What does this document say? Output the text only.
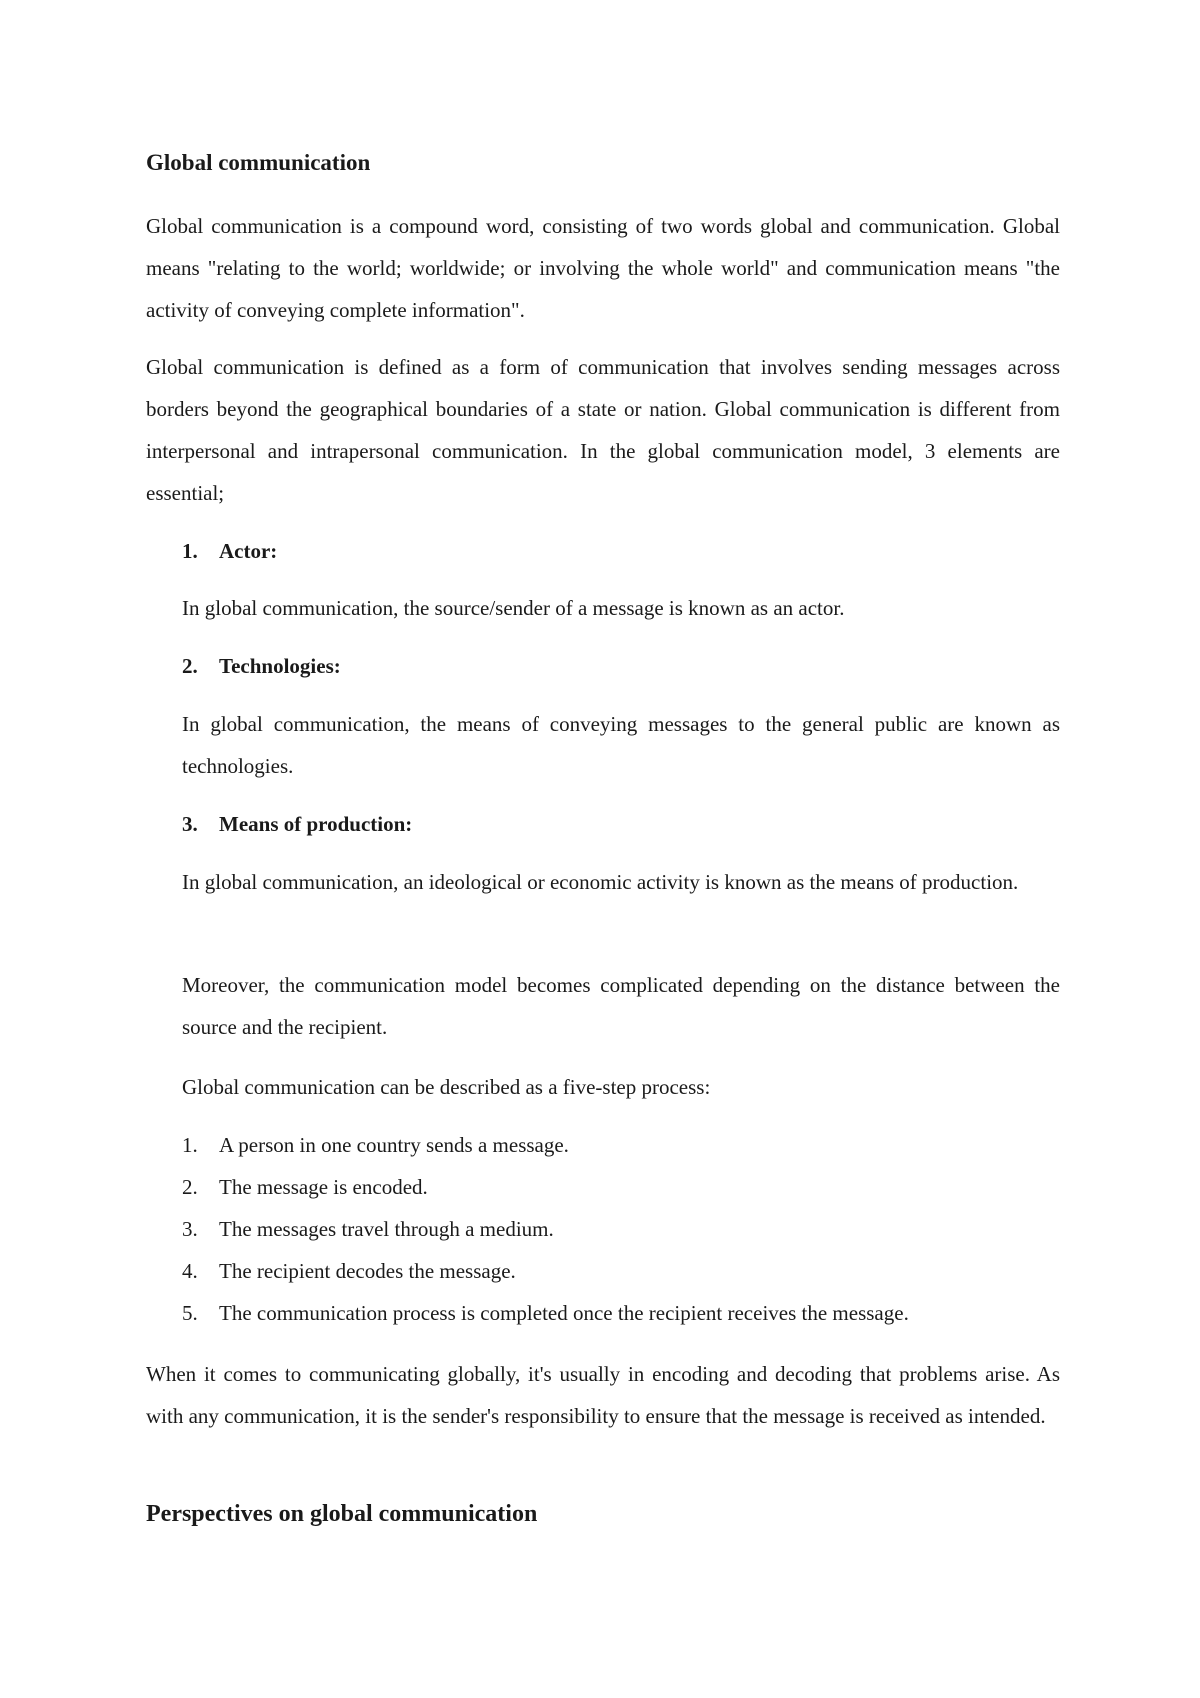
Global communication

Global communication is a compound word, consisting of two words global and communication. Global means "relating to the world; worldwide; or involving the whole world" and communication means "the activity of conveying complete information".

Global communication is defined as a form of communication that involves sending messages across borders beyond the geographical boundaries of a state or nation. Global communication is different from interpersonal and intrapersonal communication. In the global communication model, 3 elements are essential;

1. Actor:

In global communication, the source/sender of a message is known as an actor.

2. Technologies:

In global communication, the means of conveying messages to the general public are known as technologies.

3. Means of production:

In global communication, an ideological or economic activity is known as the means of production.

Moreover, the communication model becomes complicated depending on the distance between the source and the recipient.

Global communication can be described as a five-step process:

1. A person in one country sends a message.
2. The message is encoded.
3. The messages travel through a medium.
4. The recipient decodes the message.
5. The communication process is completed once the recipient receives the message.

When it comes to communicating globally, it's usually in encoding and decoding that problems arise. As with any communication, it is the sender's responsibility to ensure that the message is received as intended.

Perspectives on global communication
